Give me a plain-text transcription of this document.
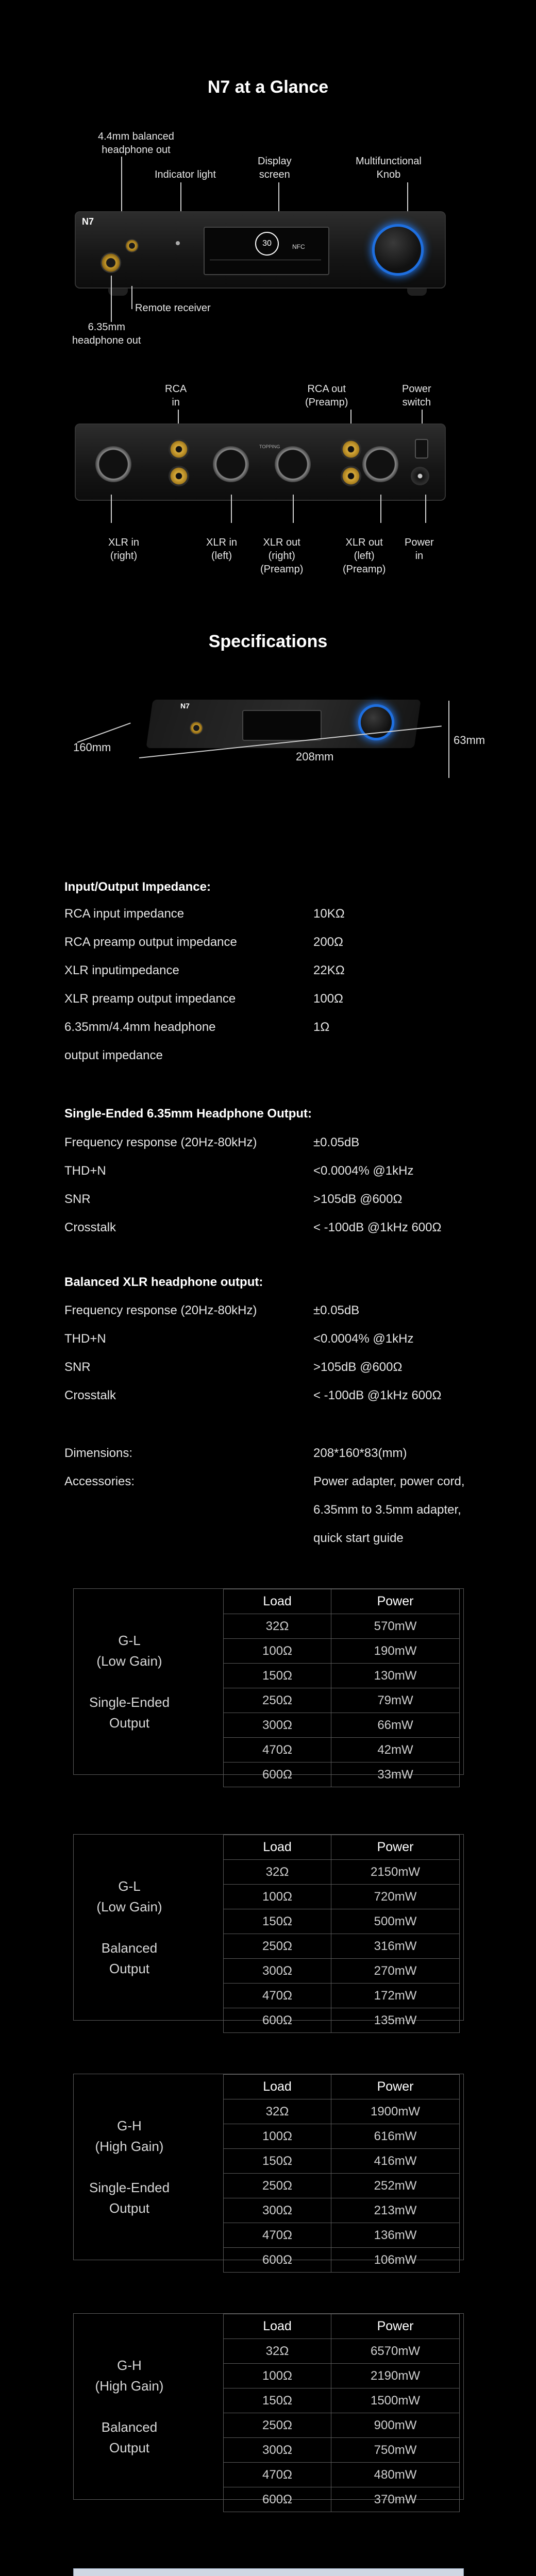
N7 at a Glance
4.4mm balanced
headphone out
Indicator light
Display
screen
Multifunctional
Knob
N7
30	NFC
Remote receiver
6.35mm
headphone out
RCA
in
RCA out
(Preamp)
Power
switch
TOPPING
XLR in
(right)
XLR in
(left)
XLR out
(right)
(Preamp)
XLR out
(left)
(Preamp)
Power
in
Specifications
N7
63mm
160mm
208mm
Input/Output Impedance:
RCA input impedance	10KΩ
RCA preamp output impedance	200Ω
XLR inputimpedance	22KΩ
XLR preamp output impedance	100Ω
6.35mm/4.4mm headphone	1Ω
output impedance
Single-Ended 6.35mm Headphone Output:
Frequency response (20Hz-80kHz)	±0.05dB
THD+N	<0.0004% @1kHz
SNR	>105dB @600Ω
Crosstalk	< -100dB @1kHz 600Ω
Balanced XLR headphone output:
Frequency response (20Hz-80kHz)	±0.05dB
THD+N	<0.0004% @1kHz
SNR	>105dB @600Ω
Crosstalk	< -100dB @1kHz 600Ω
Dimensions:	208*160*83(mm)
Accessories:	Power adapter, power cord,
6.35mm to 3.5mm adapter,
quick start guide
G-L
(Low Gain)

Single-Ended
Output
Load	Power
32Ω	570mW
100Ω	190mW
150Ω	130mW
250Ω	79mW
300Ω	66mW
470Ω	42mW
600Ω	33mW
G-L
(Low Gain)

Balanced
Output
Load	Power
32Ω	2150mW
100Ω	720mW
150Ω	500mW
250Ω	316mW
300Ω	270mW
470Ω	172mW
600Ω	135mW
G-H
(High Gain)

Single-Ended
Output
Load	Power
32Ω	1900mW
100Ω	616mW
150Ω	416mW
250Ω	252mW
300Ω	213mW
470Ω	136mW
600Ω	106mW
G-H
(High Gain)

Balanced
Output
Load	Power
32Ω	6570mW
100Ω	2190mW
150Ω	1500mW
250Ω	900mW
300Ω	750mW
470Ω	480mW
600Ω	370mW
